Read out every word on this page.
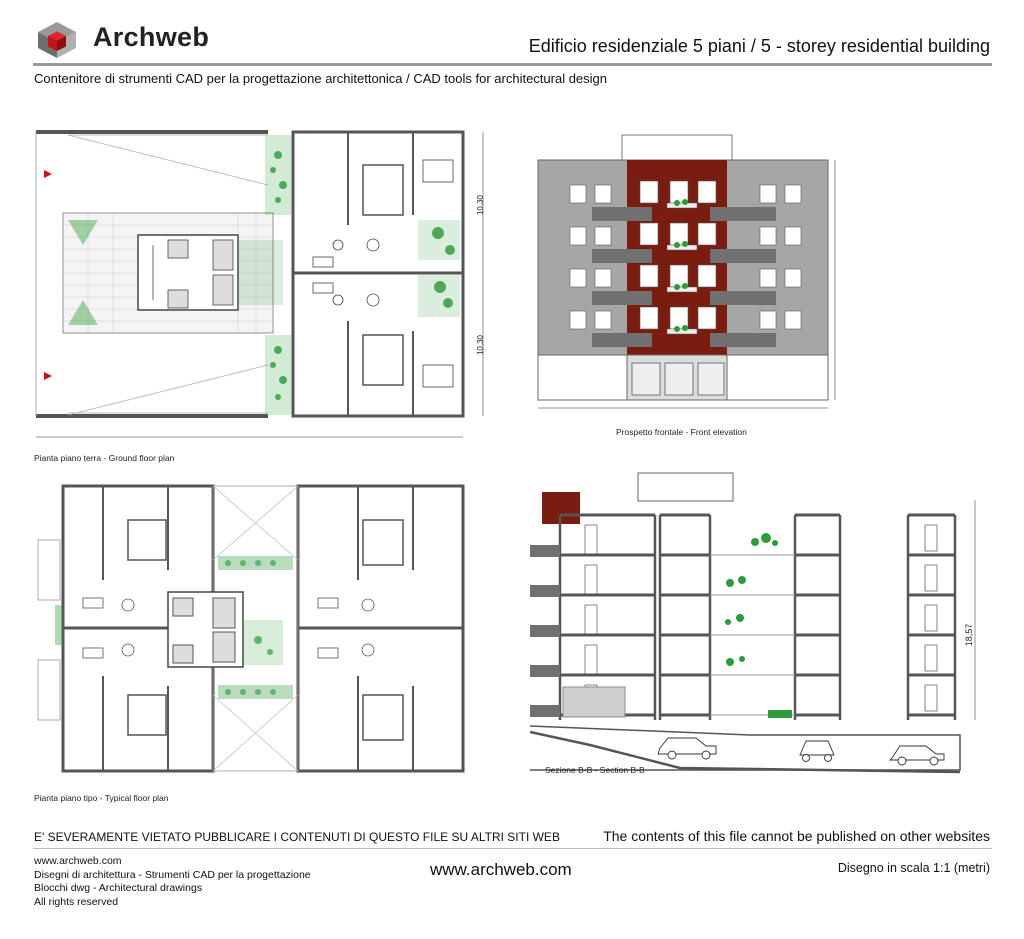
Archweb	Edificio residenziale 5 piani / 5 - storey residential building
Contenitore di strumenti CAD per la progettazione architettonica / CAD tools for architectural design
10,30
10,30
Pianta piano terra - Ground floor plan
Prospetto frontale - Front elevation
Pianta piano tipo - Typical floor plan
18,57
Sezione B-B - Section B-B
E' SEVERAMENTE VIETATO PUBBLICARE I CONTENUTI DI QUESTO FILE SU ALTRI SITI WEB	The contents of this file cannot be published on other websites
www.archweb.com
Disegni di architettura - Strumenti CAD per la progettazione
Blocchi dwg - Architectural drawings
All rights reserved
www.archweb.com	Disegno in scala 1:1 (metri)
